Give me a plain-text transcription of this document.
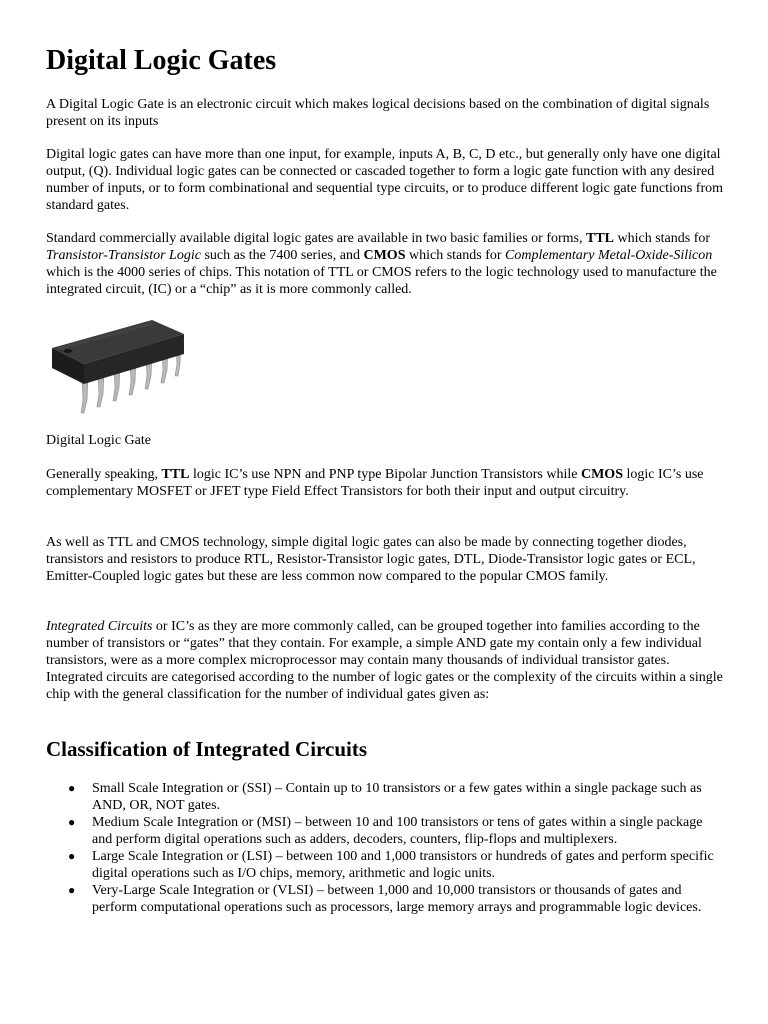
Digital Logic Gates

A Digital Logic Gate is an electronic circuit which makes logical decisions based on the combination of digital signals present on its inputs

Digital logic gates can have more than one input, for example, inputs A, B, C, D etc., but generally only have one digital output, (Q). Individual logic gates can be connected or cascaded together to form a logic gate function with any desired number of inputs, or to form combinational and sequential type circuits, or to produce different logic gate functions from standard gates.

Standard commercially available digital logic gates are available in two basic families or forms, TTL which stands for Transistor-Transistor Logic such as the 7400 series, and CMOS which stands for Complementary Metal-Oxide-Silicon which is the 4000 series of chips. This notation of TTL or CMOS refers to the logic technology used to manufacture the integrated circuit, (IC) or a “chip” as it is more commonly called.

Digital Logic Gate

Generally speaking, TTL logic IC’s use NPN and PNP type Bipolar Junction Transistors while CMOS logic IC’s use complementary MOSFET or JFET type Field Effect Transistors for both their input and output circuitry.

As well as TTL and CMOS technology, simple digital logic gates can also be made by connecting together diodes, transistors and resistors to produce RTL, Resistor-Transistor logic gates, DTL, Diode-Transistor logic gates or ECL, Emitter-Coupled logic gates but these are less common now compared to the popular CMOS family.

Integrated Circuits or IC’s as they are more commonly called, can be grouped together into families according to the number of transistors or “gates” that they contain. For example, a simple AND gate my contain only a few individual transistors, were as a more complex microprocessor may contain many thousands of individual transistor gates. Integrated circuits are categorised according to the number of logic gates or the complexity of the circuits within a single chip with the general classification for the number of individual gates given as:

Classification of Integrated Circuits
● Small Scale Integration or (SSI) – Contain up to 10 transistors or a few gates within a single package such as AND, OR, NOT gates.
● Medium Scale Integration or (MSI) – between 10 and 100 transistors or tens of gates within a single package and perform digital operations such as adders, decoders, counters, flip-flops and multiplexers.
● Large Scale Integration or (LSI) – between 100 and 1,000 transistors or hundreds of gates and perform specific digital operations such as I/O chips, memory, arithmetic and logic units.
● Very-Large Scale Integration or (VLSI) – between 1,000 and 10,000 transistors or thousands of gates and perform computational operations such as processors, large memory arrays and programmable logic devices.
